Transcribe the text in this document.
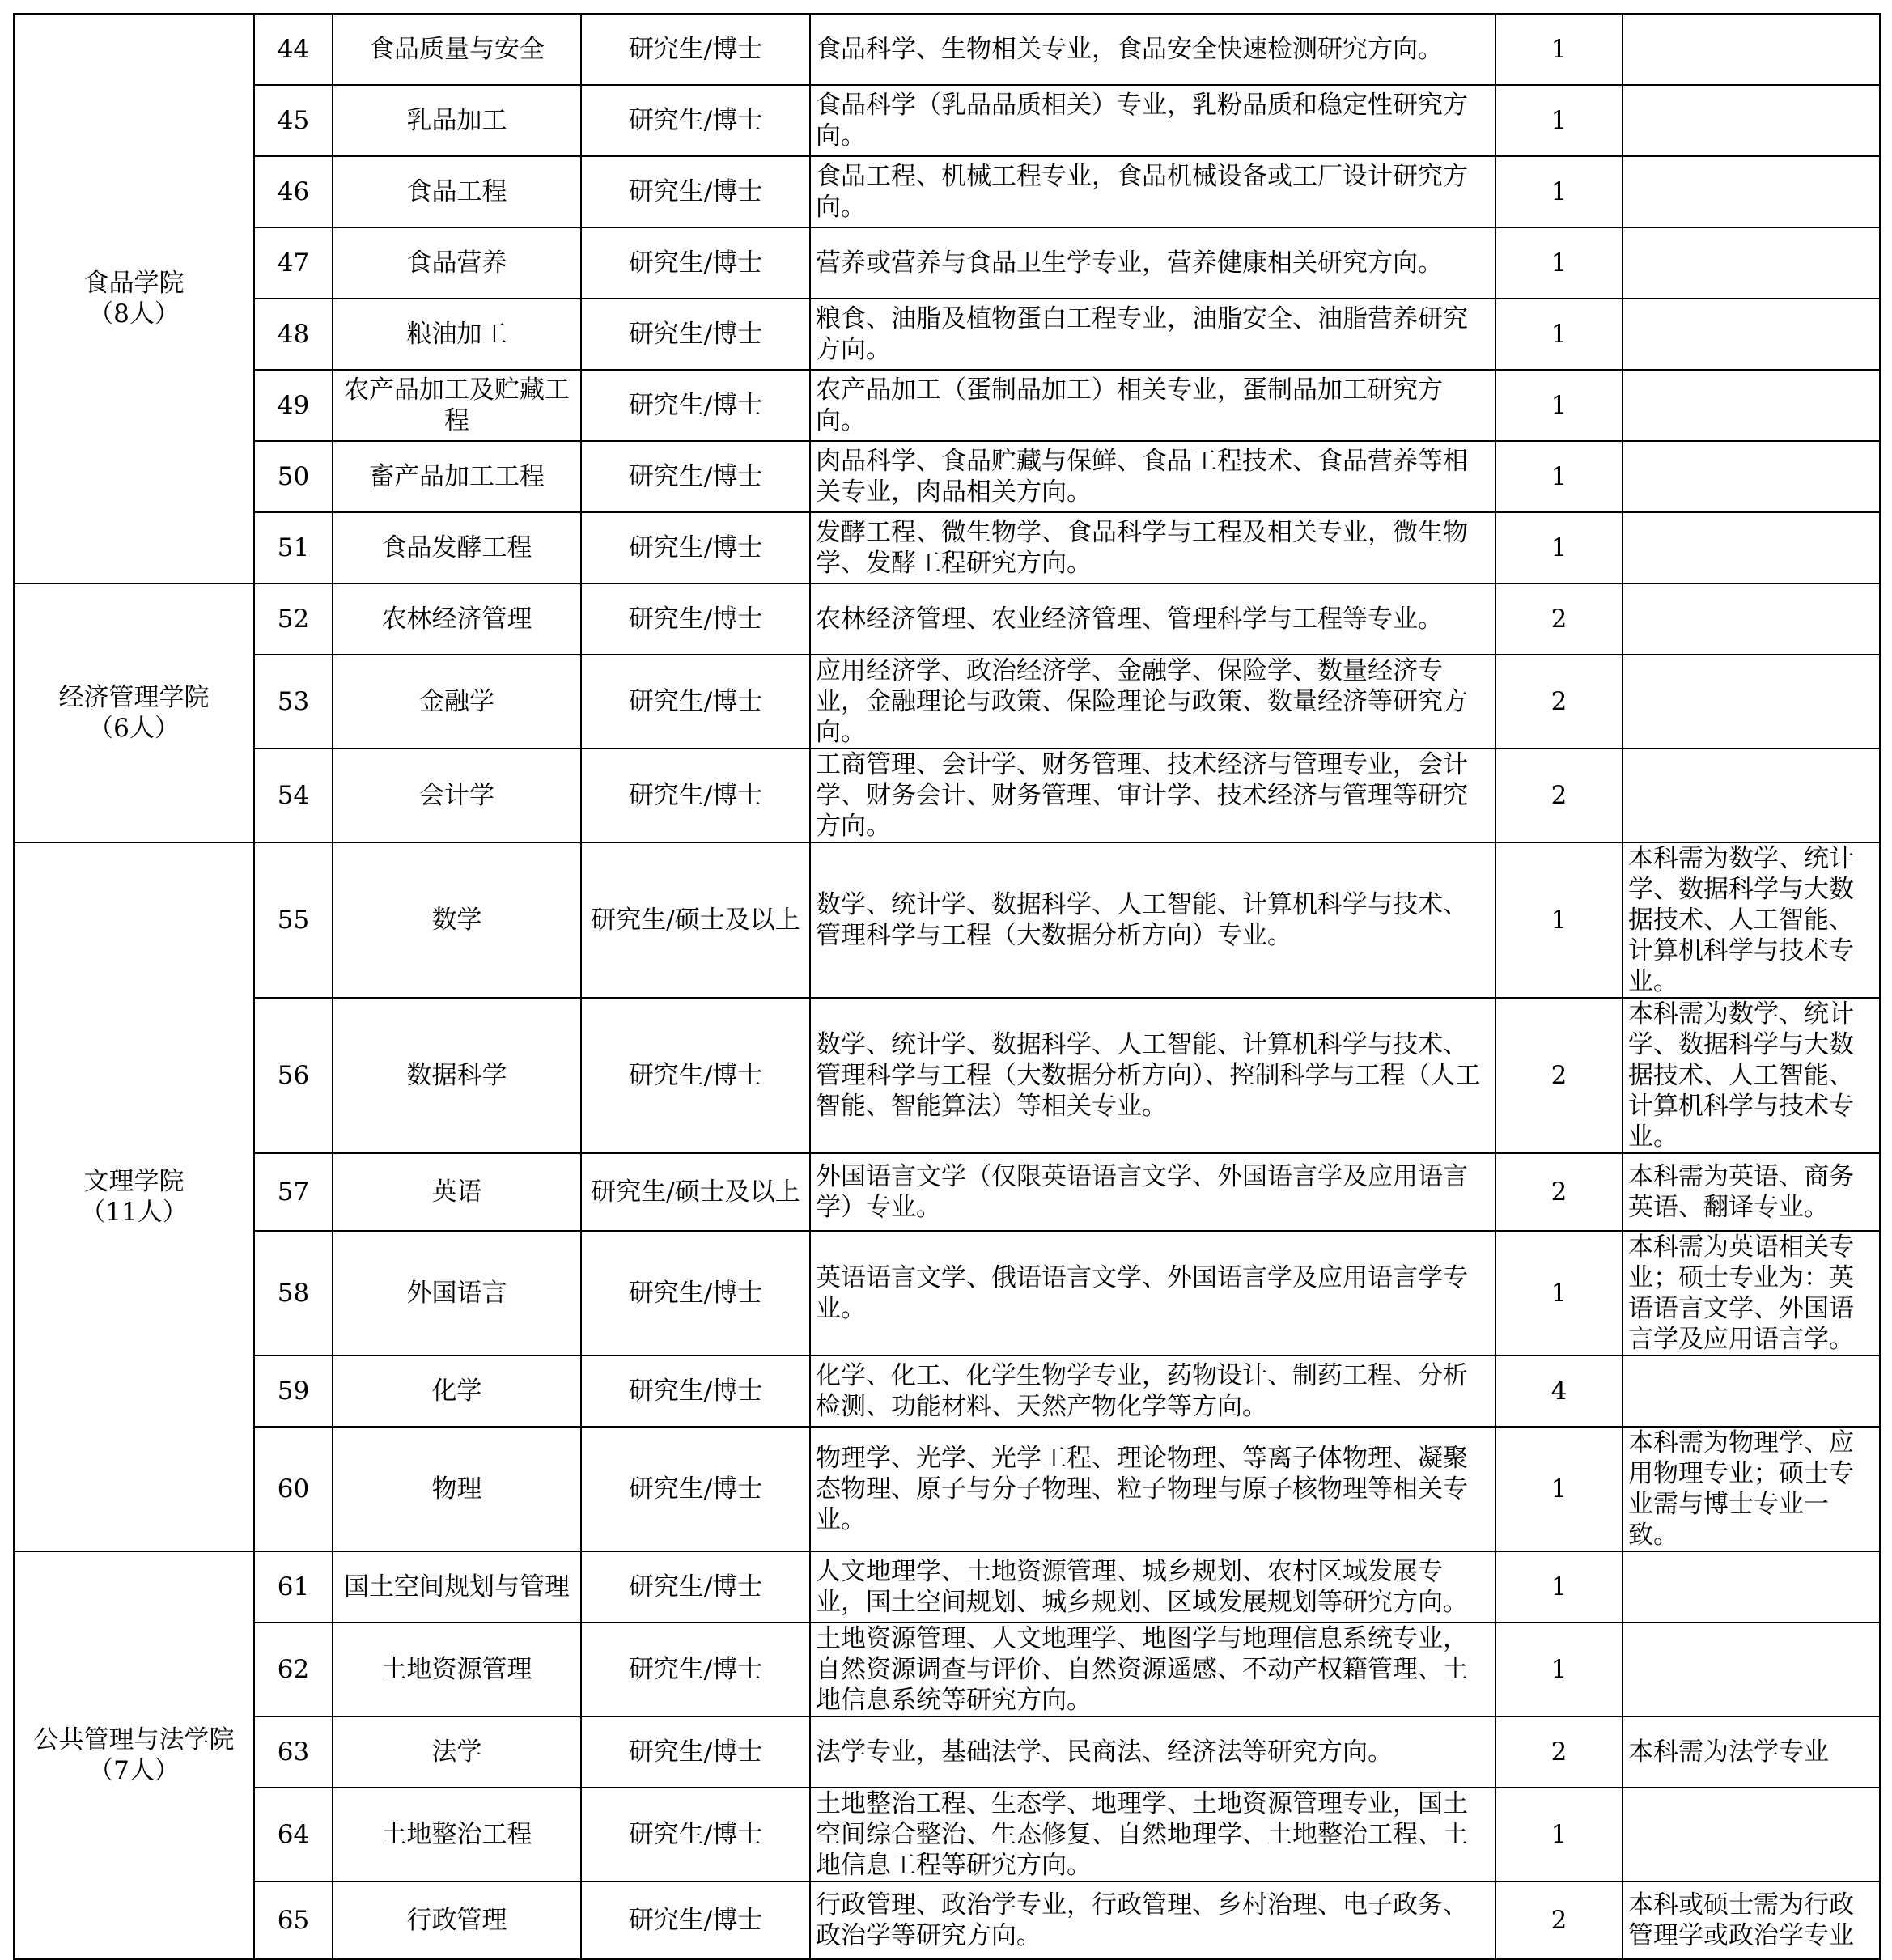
食品学院
（8人）	44	食品质量与安全	研究生/博士	食品科学、生物相关专业，食品安全快速检测研究方向。	1	
	45	乳品加工	研究生/博士	食品科学（乳品品质相关）专业，乳粉品质和稳定性研究方向。	1	
	46	食品工程	研究生/博士	食品工程、机械工程专业，食品机械设备或工厂设计研究方向。	1	
	47	食品营养	研究生/博士	营养或营养与食品卫生学专业，营养健康相关研究方向。	1	
	48	粮油加工	研究生/博士	粮食、油脂及植物蛋白工程专业，油脂安全、油脂营养研究方向。	1	
	49	农产品加工及贮藏工程	研究生/博士	农产品加工（蛋制品加工）相关专业，蛋制品加工研究方向。	1	
	50	畜产品加工工程	研究生/博士	肉品科学、食品贮藏与保鲜、食品工程技术、食品营养等相关专业，肉品相关方向。	1	
	51	食品发酵工程	研究生/博士	发酵工程、微生物学、食品科学与工程及相关专业，微生物学、发酵工程研究方向。	1	

经济管理学院
（6人）	52	农林经济管理	研究生/博士	农林经济管理、农业经济管理、管理科学与工程等专业。	2	
	53	金融学	研究生/博士	应用经济学、政治经济学、金融学、保险学、数量经济专业，金融理论与政策、保险理论与政策、数量经济等研究方向。	2	
	54	会计学	研究生/博士	工商管理、会计学、财务管理、技术经济与管理专业，会计学、财务会计、财务管理、审计学、技术经济与管理等研究方向。	2	

文理学院
（11人）	55	数学	研究生/硕士及以上	数学、统计学、数据科学、人工智能、计算机科学与技术、管理科学与工程（大数据分析方向）专业。	1	本科需为数学、统计学、数据科学与大数据技术、人工智能、计算机科学与技术专业。
	56	数据科学	研究生/博士	数学、统计学、数据科学、人工智能、计算机科学与技术、管理科学与工程（大数据分析方向）、控制科学与工程（人工智能、智能算法）等相关专业。	2	本科需为数学、统计学、数据科学与大数据技术、人工智能、计算机科学与技术专业。
	57	英语	研究生/硕士及以上	外国语言文学（仅限英语语言文学、外国语言学及应用语言学）专业。	2	本科需为英语、商务英语、翻译专业。
	58	外国语言	研究生/博士	英语语言文学、俄语语言文学、外国语言学及应用语言学专业。	1	本科需为英语相关专业；硕士专业为：英语语言文学、外国语言学及应用语言学。
	59	化学	研究生/博士	化学、化工、化学生物学专业，药物设计、制药工程、分析检测、功能材料、天然产物化学等方向。	4	
	60	物理	研究生/博士	物理学、光学、光学工程、理论物理、等离子体物理、凝聚态物理、原子与分子物理、粒子物理与原子核物理等相关专业。	1	本科需为物理学、应用物理专业；硕士专业需与博士专业一致。

公共管理与法学院
（7人）	61	国土空间规划与管理	研究生/博士	人文地理学、土地资源管理、城乡规划、农村区域发展专业，国土空间规划、城乡规划、区域发展规划等研究方向。	1	
	62	土地资源管理	研究生/博士	土地资源管理、人文地理学、地图学与地理信息系统专业，自然资源调查与评价、自然资源遥感、不动产权籍管理、土地信息系统等研究方向。	1	
	63	法学	研究生/博士	法学专业，基础法学、民商法、经济法等研究方向。	2	本科需为法学专业
	64	土地整治工程	研究生/博士	土地整治工程、生态学、地理学、土地资源管理专业，国土空间综合整治、生态修复、自然地理学、土地整治工程、土地信息工程等研究方向。	1	
	65	行政管理	研究生/博士	行政管理、政治学专业，行政管理、乡村治理、电子政务、政治学等研究方向。	2	本科或硕士需为行政管理学或政治学专业
